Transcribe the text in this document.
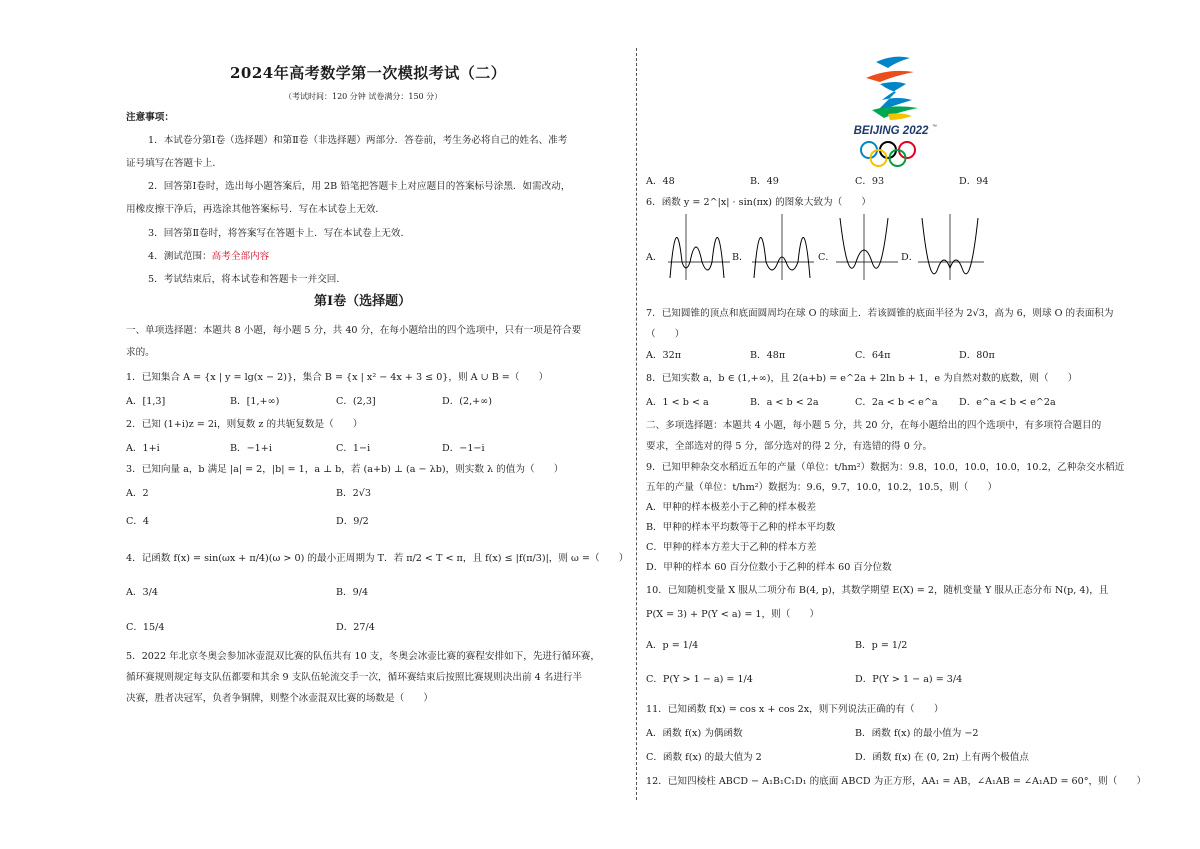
2024年高考数学第一次模拟考试（二）
（考试时间：120 分钟 试卷满分：150 分）
注意事项：
1．本试卷分第Ⅰ卷（选择题）和第Ⅱ卷（非选择题）两部分．答卷前，考生务必将自己的姓名、准考
证号填写在答题卡上．
2．回答第Ⅰ卷时，选出每小题答案后，用 2B 铅笔把答题卡上对应题目的答案标号涂黑．如需改动，
用橡皮擦干净后，再选涂其他答案标号．写在本试卷上无效．
3．回答第Ⅱ卷时，将答案写在答题卡上．写在本试卷上无效．
4．测试范围：高考全部内容
5．考试结束后，将本试卷和答题卡一并交回．
第Ⅰ卷（选择题）
一、单项选择题：本题共 8 小题，每小题 5 分，共 40 分，在每小题给出的四个选项中，只有一项是符合要
求的。
1．已知集合 A = {x | y = lg(x − 2)}，集合 B = {x | x² − 4x + 3 ≤ 0}，则 A ∪ B =（　　）
A．[1,3]	B．[1,+∞)	C．(2,3]	D．(2,+∞)
2．已知 (1+i)z = 2i，则复数 z 的共轭复数是（　　）
A．1+i	B．−1+i	C．1−i	D．−1−i
3．已知向量 a，b 满足 |a| = 2，|b| = 1，a ⊥ b，若 (a+b) ⊥ (a − λb)，则实数 λ 的值为（　　）
A．2	B．2√3
C．4	D．9/2
4．记函数 f(x) = sin(ωx + π/4)(ω > 0) 的最小正周期为 T．若 π/2 < T < π，且 f(x) ≤ |f(π/3)|，则 ω =（　　）
A．3/4	B．9/4
C．15/4	D．27/4
5．2022 年北京冬奥会参加冰壶混双比赛的队伍共有 10 支，冬奥会冰壶比赛的赛程安排如下，先进行循环赛，
循环赛规则规定每支队伍都要和其余 9 支队伍轮流交手一次，循环赛结束后按照比赛规则决出前 4 名进行半
决赛，胜者决冠军，负者争铜牌，则整个冰壶混双比赛的场数是（　　）
BEIJING 2022 ™
A．48	B．49	C．93	D．94
6．函数 y = 2^|x| · sin(πx) 的图象大致为（　　）
A．	B．	C．	D．
7．已知圆锥的顶点和底面圆周均在球 O 的球面上．若该圆锥的底面半径为 2√3，高为 6，则球 O 的表面积为
（　　）
A．32π	B．48π	C．64π	D．80π
8．已知实数 a，b ∈ (1,+∞)，且 2(a+b) = e^2a + 2ln b + 1，e 为自然对数的底数，则（　　）
A．1 < b < a	B．a < b < 2a	C．2a < b < e^a D．e^a < b < e^2a
二、多项选择题：本题共 4 小题，每小题 5 分，共 20 分，在每小题给出的四个选项中，有多项符合题目的
要求，全部选对的得 5 分，部分选对的得 2 分，有选错的得 0 分。
9．已知甲种杂交水稻近五年的产量（单位：t/hm²）数据为：9.8，10.0，10.0，10.0，10.2，乙种杂交水稻近
五年的产量（单位：t/hm²）数据为：9.6，9.7，10.0，10.2，10.5，则（　　）
A．甲种的样本极差小于乙种的样本极差
B．甲种的样本平均数等于乙种的样本平均数
C．甲种的样本方差大于乙种的样本方差
D．甲种的样本 60 百分位数小于乙种的样本 60 百分位数
10．已知随机变量 X 服从二项分布 B(4, p)，其数学期望 E(X) = 2，随机变量 Y 服从正态分布 N(p, 4)，且
P(X = 3) + P(Y < a) = 1，则（　　）
A．p = 1/4	B．p = 1/2
C．P(Y > 1 − a) = 1/4	D．P(Y > 1 − a) = 3/4
11．已知函数 f(x) = cos x + cos 2x，则下列说法正确的有（　　）
A．函数 f(x) 为偶函数	B．函数 f(x) 的最小值为 −2
C．函数 f(x) 的最大值为 2	D．函数 f(x) 在 (0, 2π) 上有两个极值点
12．已知四棱柱 ABCD − A₁B₁C₁D₁ 的底面 ABCD 为正方形，AA₁ = AB，∠A₁AB = ∠A₁AD = 60°，则（　　）
